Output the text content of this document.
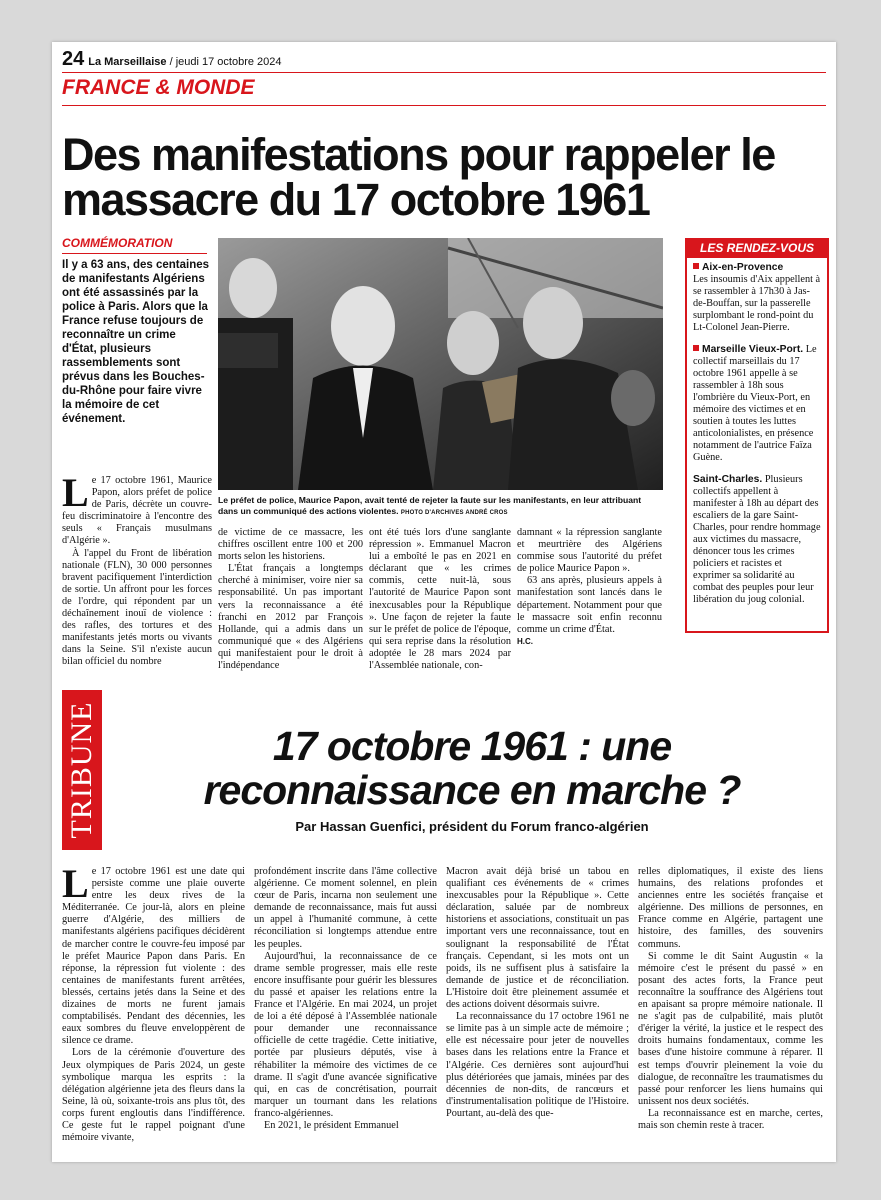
24 La Marseillaise / jeudi 17 octobre 2024
FRANCE & MONDE
Des manifestations pour rappeler le massacre du 17 octobre 1961
COMMÉMORATION
Il y a 63 ans, des centaines de manifestants Algériens ont été assassinés par la police à Paris. Alors que la France refuse toujours de reconnaître un crime d'État, plusieurs rassemblements sont prévus dans les Bouches-du-Rhône pour faire vivre la mémoire de cet événement.
Le préfet de police, Maurice Papon, avait tenté de rejeter la faute sur les manifestants, en leur attribuant dans un communiqué des actions violentes. PHOTO D'ARCHIVES ANDRÉ CROS

Le 17 octobre 1961, Maurice Papon, alors préfet de police de Paris, décrète un couvre-feu discriminatoire à l'encontre des seuls « Français musulmans d'Algérie ».

À l'appel du Front de libération nationale (FLN), 30 000 personnes bravent pacifiquement l'interdiction de sortie. Un affront pour les forces de l'ordre, qui répondent par un déchaînement inouï de violence : des rafles, des tortures et des manifestants jetés morts ou vivants dans la Seine. S'il n'existe aucun bilan officiel du nombre

de victime de ce massacre, les chiffres oscillent entre 100 et 200 morts selon les historiens.

L'État français a longtemps cherché à minimiser, voire nier sa responsabilité. Un pas important vers la reconnaissance a été franchi en 2012 par François Hollande, qui a admis dans un communiqué que « des Algériens qui manifestaient pour le droit à l'indépendance

ont été tués lors d'une sanglante répression ». Emmanuel Macron lui a emboîté le pas en 2021 en déclarant que « les crimes commis, cette nuit-là, sous l'autorité de Maurice Papon sont inexcusables pour la République ». Une façon de rejeter la faute sur le préfet de police de l'époque, qui sera reprise dans la résolution adoptée le 28 mars 2024 par l'Assemblée nationale, con-

damnant « la répression sanglante et meurtrière des Algériens commise sous l'autorité du préfet de police Maurice Papon ».

63 ans après, plusieurs appels à manifestation sont lancés dans le département. Notamment pour que le massacre soit enfin reconnu comme un crime d'État.

H.C.

LES RENDEZ-VOUS

Aix-en-Provence
Les insoumis d'Aix appellent à se rassembler à 17h30 à Jas-de-Bouffan, sur la passerelle surplombant le rond-point du Lt-Colonel Jean-Pierre.

Marseille Vieux-Port. Le collectif marseillais du 17 octobre 1961 appelle à se rassembler à 18h sous l'ombrière du Vieux-Port, en mémoire des victimes et en soutien à toutes les luttes anticolonialistes, en présence notamment de l'autrice Faïza Guène.

Saint-Charles. Plusieurs collectifs appellent à manifester à 18h au départ des escaliers de la gare Saint-Charles, pour rendre hommage aux victimes du massacre, dénoncer tous les crimes policiers et racistes et exprimer sa solidarité au combat des peuples pour leur libération du joug colonial.

TRIBUNE	17 octobre 1961 : une reconnaissance en marche ?
Par Hassan Guenfici, président du Forum franco-algérien

Le 17 octobre 1961 est une date qui persiste comme une plaie ouverte entre les deux rives de la Méditerranée. Ce jour-là, alors en pleine guerre d'Algérie, des milliers de manifestants algériens pacifiques décidèrent de marcher contre le couvre-feu imposé par le préfet Maurice Papon dans Paris. En réponse, la répression fut violente : des centaines de manifestants furent arrêtées, blessés, certains jetés dans la Seine et des dizaines de morts ne furent jamais comptabilisés. Pendant des décennies, les eaux sombres du fleuve enveloppèrent de silence ce drame.

Lors de la cérémonie d'ouverture des Jeux olympiques de Paris 2024, un geste symbolique marqua les esprits : la délégation algérienne jeta des fleurs dans la Seine, là où, soixante-trois ans plus tôt, des corps furent engloutis dans l'indifférence. Ce geste fut le rappel poignant d'une mémoire vivante,

profondément inscrite dans l'âme collective algérienne. Ce moment solennel, en plein cœur de Paris, incarna non seulement une demande de reconnaissance, mais fut aussi un appel à l'humanité commune, à cette réconciliation si longtemps attendue entre les peuples.

Aujourd'hui, la reconnaissance de ce drame semble progresser, mais elle reste encore insuffisante pour guérir les blessures du passé et apaiser les relations entre la France et l'Algérie. En mai 2024, un projet de loi a été déposé à l'Assemblée nationale pour demander une reconnaissance officielle de cette tragédie. Cette initiative, portée par plusieurs députés, vise à réhabiliter la mémoire des victimes de ce drame. Il s'agit d'une avancée significative qui, en cas de concrétisation, pourrait marquer un tournant dans les relations franco-algériennes.

En 2021, le président Emmanuel

Macron avait déjà brisé un tabou en qualifiant ces événements de « crimes inexcusables pour la République ». Cette déclaration, saluée par de nombreux historiens et associations, constituait un pas important vers une reconnaissance, tout en soulignant la responsabilité de l'État français. Cependant, si les mots ont un poids, ils ne suffisent plus à satisfaire la demande de justice et de réconciliation. L'Histoire doit être pleinement assumée et des actions doivent désormais suivre.

La reconnaissance du 17 octobre 1961 ne se limite pas à un simple acte de mémoire ; elle est nécessaire pour jeter de nouvelles bases dans les relations entre la France et l'Algérie. Ces dernières sont aujourd'hui plus détériorées que jamais, minées par des décennies de non-dits, de rancœurs et d'instrumentalisation politique de l'Histoire. Pourtant, au-delà des que-

relles diplomatiques, il existe des liens humains, des relations profondes et anciennes entre les sociétés française et algérienne. Des millions de personnes, en France comme en Algérie, partagent une histoire, des familles, des souvenirs communs.

Si comme le dit Saint Augustin « la mémoire c'est le présent du passé » en posant des actes forts, la France peut reconnaître la souffrance des Algériens tout en apaisant sa propre mémoire nationale. Il ne s'agit pas de culpabilité, mais plutôt d'ériger la vérité, la justice et le respect des droits humains fondamentaux, comme les bases d'une histoire commune à réparer. Il est temps d'ouvrir pleinement la voie du dialogue, de reconnaître les traumatismes du passé pour renforcer les liens humains qui unissent nos deux sociétés.

La reconnaissance est en marche, certes, mais son chemin reste à tracer.
